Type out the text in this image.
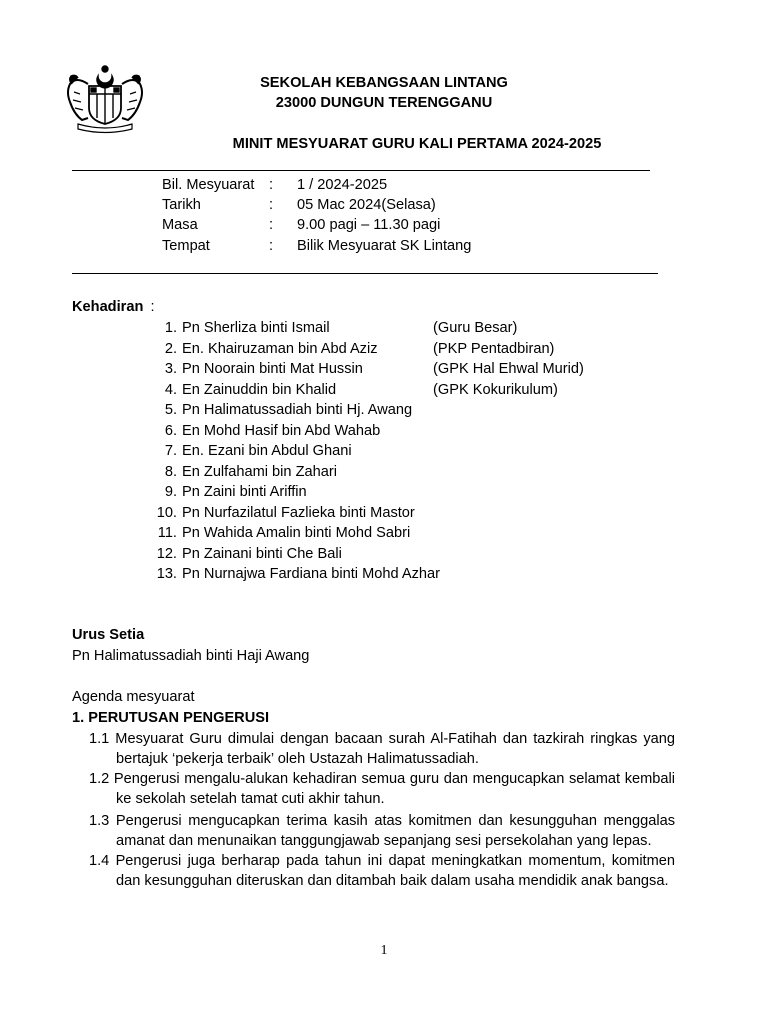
SEKOLAH KEBANGSAAN LINTANG
23000 DUNGUN TERENGGANU
MINIT MESYUARAT GURU KALI PERTAMA 2024-2025
Bil. Mesyuarat : 1 / 2024-2025
Tarikh	: 05 Mac 2024(Selasa)
Masa	: 9.00 pagi – 11.30 pagi
Tempat	: Bilik Mesyuarat SK Lintang
Kehadiran :
1. Pn Sherliza binti Ismail	(Guru Besar)
2. En. Khairuzaman bin Abd Aziz	(PKP Pentadbiran)
3. Pn Noorain binti Mat Hussin	(GPK Hal Ehwal Murid)
4. En Zainuddin bin Khalid	(GPK Kokurikulum)
5. Pn Halimatussadiah binti Hj. Awang
6. En Mohd Hasif bin Abd Wahab
7. En. Ezani bin Abdul Ghani
8. En Zulfahami bin Zahari
9. Pn Zaini binti Ariffin
10. Pn Nurfazilatul Fazlieka binti Mastor
11. Pn Wahida Amalin binti Mohd Sabri
12. Pn Zainani binti Che Bali
13. Pn Nurnajwa Fardiana binti Mohd Azhar
Urus Setia
Pn Halimatussadiah binti Haji Awang
Agenda mesyuarat
1. PERUTUSAN PENGERUSI
1.1 Mesyuarat Guru dimulai dengan bacaan surah Al-Fatihah dan tazkirah ringkas yang bertajuk ‘pekerja terbaik’ oleh Ustazah Halimatussadiah.
1.2 Pengerusi mengalu-alukan kehadiran semua guru dan mengucapkan selamat kembali ke sekolah setelah tamat cuti akhir tahun.
1.3 Pengerusi mengucapkan terima kasih atas komitmen dan kesungguhan menggalas amanat dan menunaikan tanggungjawab sepanjang sesi persekolahan yang lepas.
1.4 Pengerusi juga berharap pada tahun ini dapat meningkatkan momentum, komitmen dan kesungguhan diteruskan dan ditambah baik dalam usaha mendidik anak bangsa.
1
